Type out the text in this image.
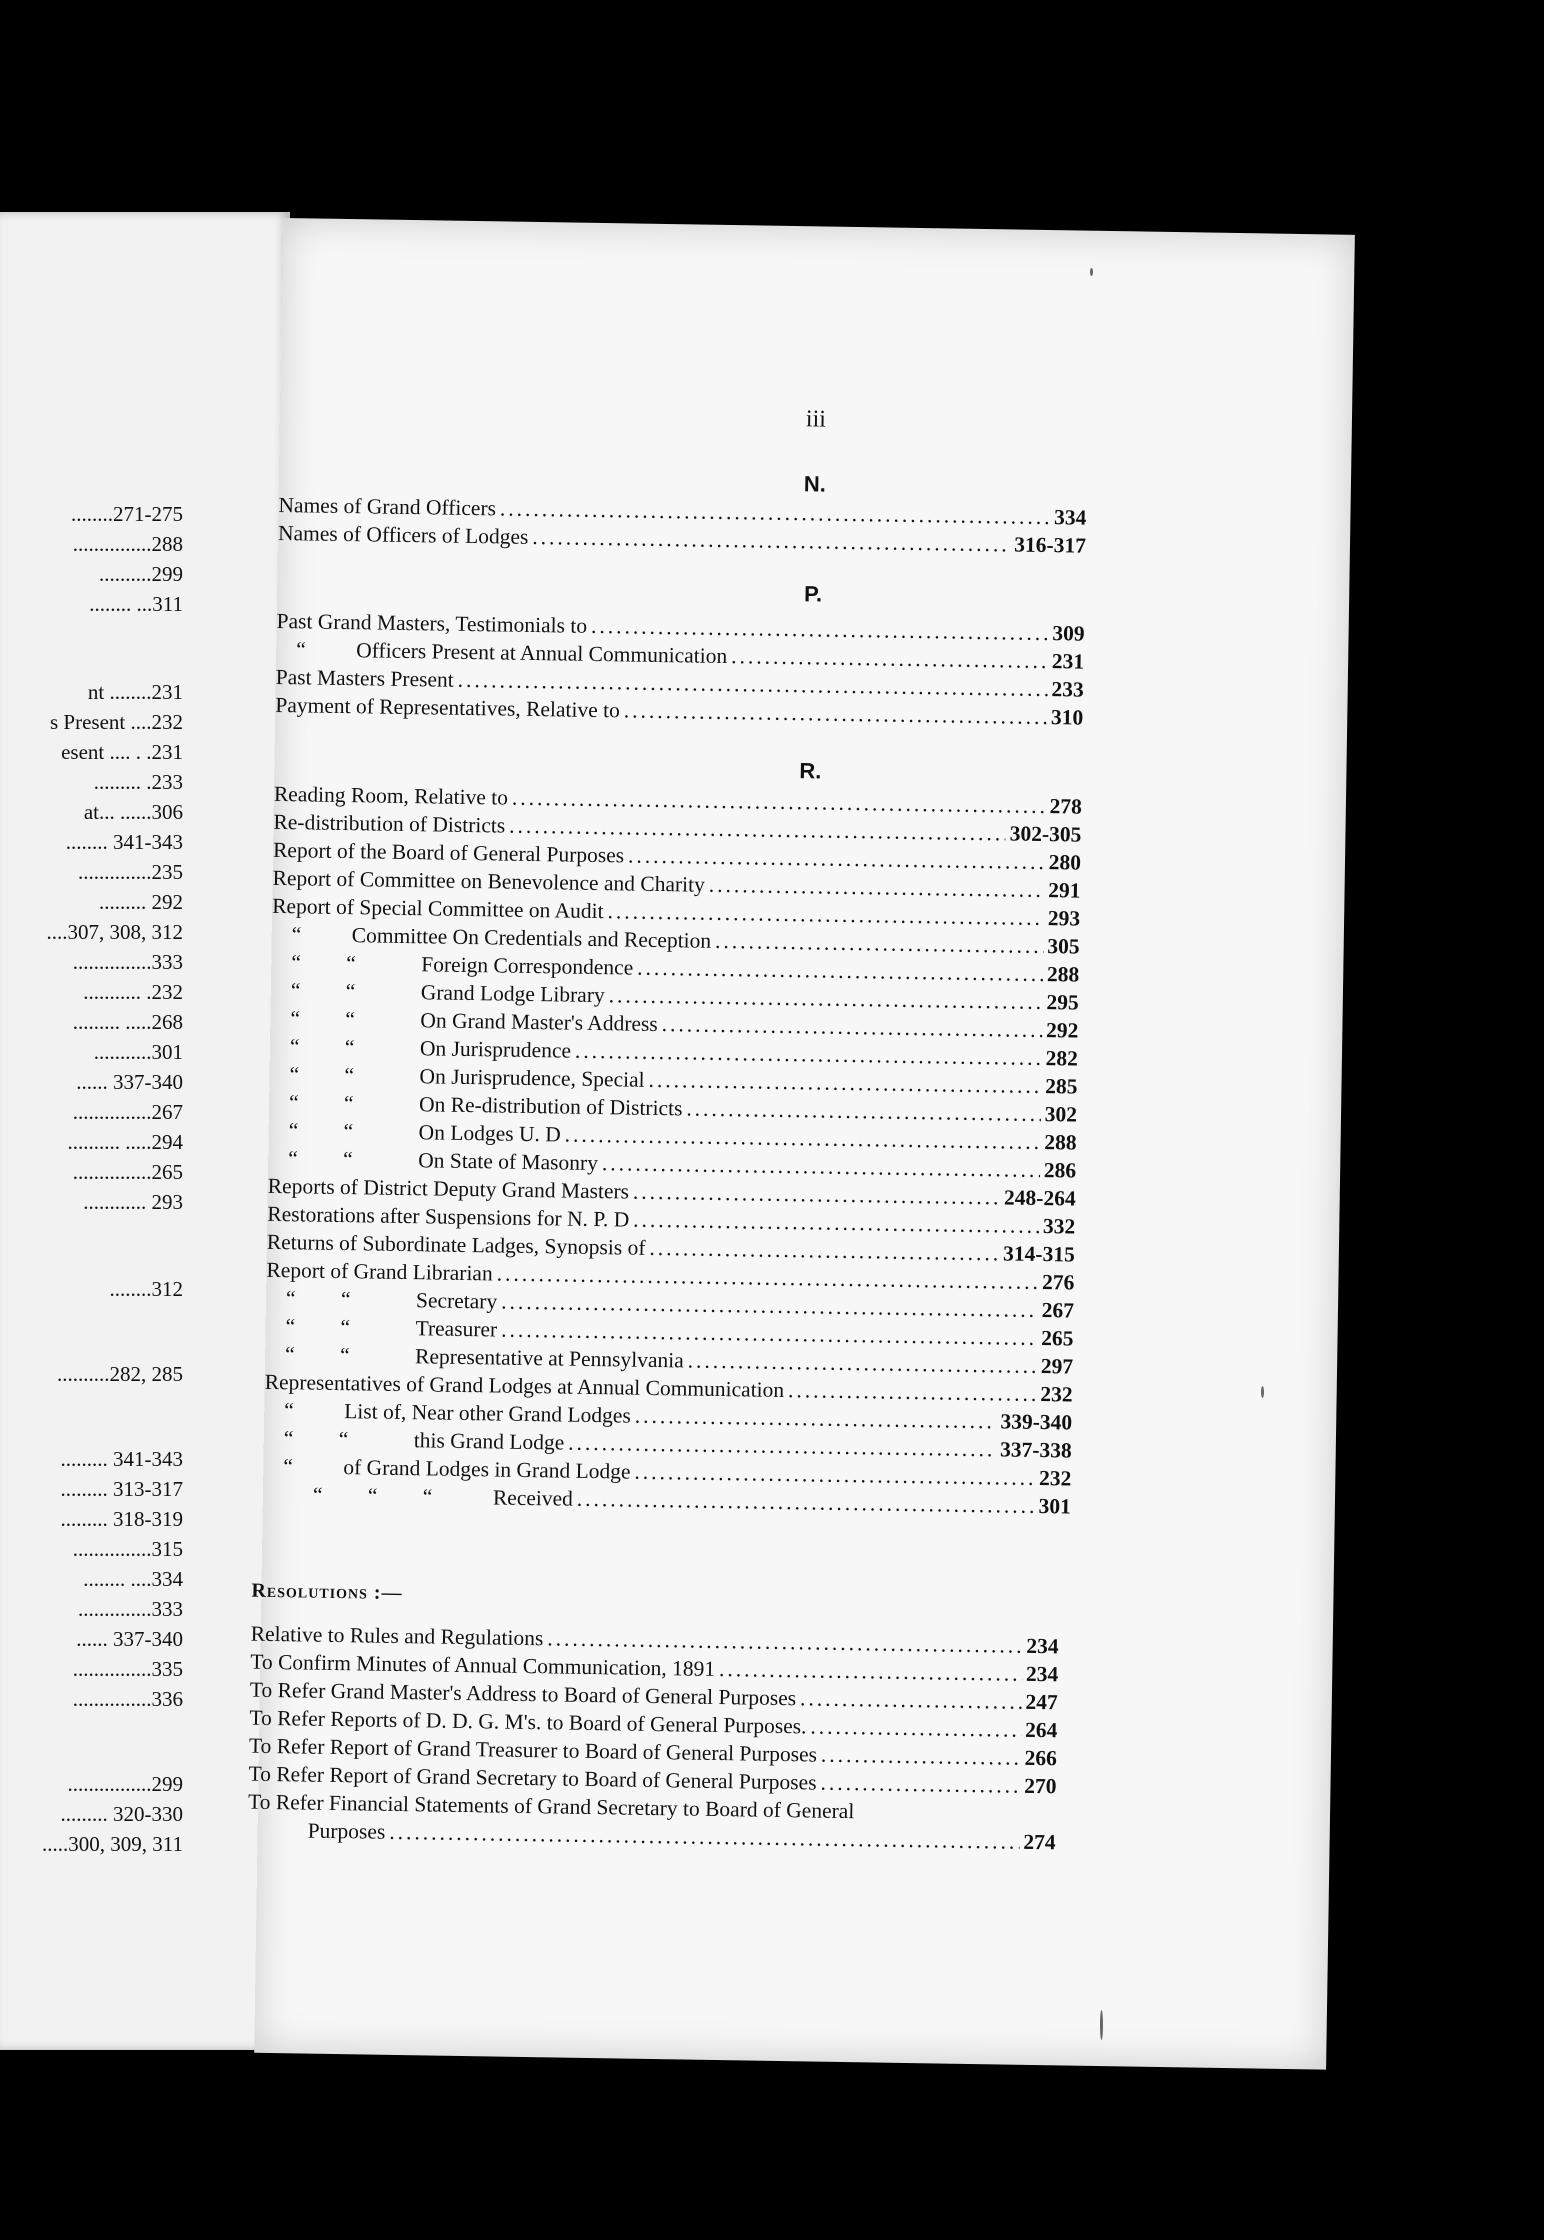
........271-275
...............288
..........299
........ ...311
nt ........231
s Present ....232
esent .... . .231
......... .233
at... ......306
........ 341-343
..............235
......... 292
....307, 308, 312
...............333
........... .232
......... .....268
...........301
...... 337-340
...............267
.......... .....294
...............265
............ 293
........312
..........282, 285
......... 341-343
......... 313-317
......... 318-319
...............315
........ ....334
..............333
...... 337-340
...............335
...............336
................299
......... 320-330
.....300, 309, 311
iii
N.
P.
R.
Names of Grand Officers .....	334
Names of Officers of Lodges .....	316-317
Past Grand Masters, Testimonials to .....	309
“ Officers Present at Annual Communication .....	231
Past Masters Present .....	233
Payment of Representatives, Relative to .....	310
Reading Room, Relative to .....	278
Re-distribution of Districts .....	302-305
Report of the Board of General Purposes .....	280
Report of Committee on Benevolence and Charity .....	291
Report of Special Committee on Audit .....	293
“ Committee On Credentials and Reception .....	305
“ “	Foreign Correspondence .....	288
“ “	Grand Lodge Library .....	295
“ “	On Grand Master's Address .....	292
“ “	On Jurisprudence .....	282
“ “	On Jurisprudence, Special .....	285
“ “	On Re-distribution of Districts .....	302
“ “	On Lodges U. D .....	288
“ “	On State of Masonry .....	286
Reports of District Deputy Grand Masters .....	248-264
Restorations after Suspensions for N. P. D .....	332
Returns of Subordinate Ladges, Synopsis of .....	314-315
Report of Grand Librarian .....	276
“ “	Secretary .....	267
“ “	Treasurer .....	265
“ “	Representative at Pennsylvania .....	297
Representatives of Grand Lodges at Annual Communication .....	232
“ List of, Near other Grand Lodges .....	339-340
“ “	this Grand Lodge .....	337-338
“ of Grand Lodges in Grand Lodge .....	232
“ “ “	Received .....	301
Resolutions :—
Relative to Rules and Regulations .....	234
To Confirm Minutes of Annual Communication, 1891 .....	234
To Refer Grand Master's Address to Board of General Purposes .....	247
To Refer Reports of D. D. G. M's. to Board of General Purposes. .....	264
To Refer Report of Grand Treasurer to Board of General Purposes .....	266
To Refer Report of Grand Secretary to Board of General Purposes .....	270
To Refer Financial Statements of Grand Secretary to Board of General
Purposes .....	274
